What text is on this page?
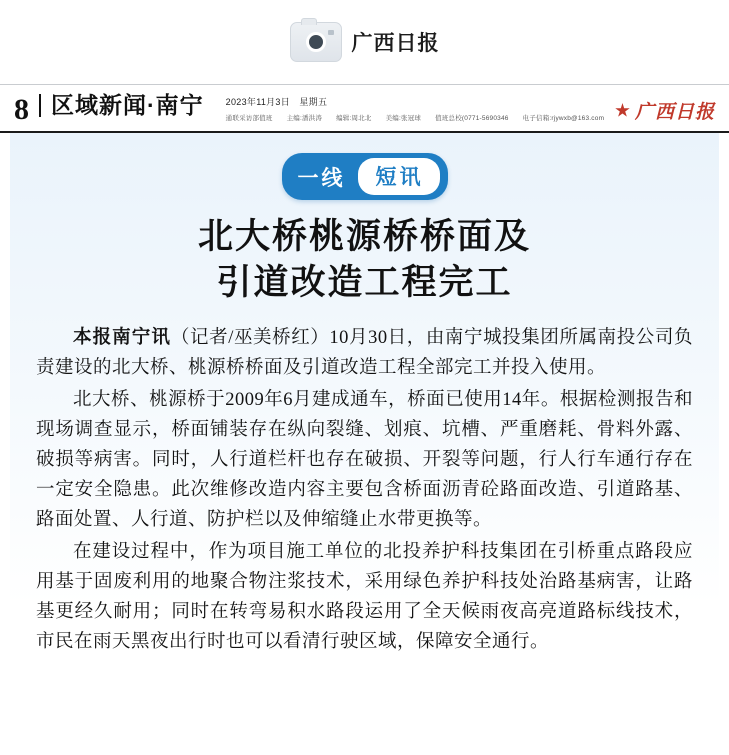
广西日报
8 区域新闻·南宁 2023年11月3日　星期五
通联采访部值班 主编:潘洪涛 编辑:周北北 美编:张冠球 值班总校(0771-5690346 电子信箱:rjywxb@163.com 广西日报
一线	短讯
北大桥桃源桥桥面及
引道改造工程完工

本报南宁讯（记者/巫美桥红）10月30日，由南宁城投集团所属南投公司负责建设的北大桥、桃源桥桥面及引道改造工程全部完工并投入使用。

北大桥、桃源桥于2009年6月建成通车，桥面已使用14年。根据检测报告和现场调查显示，桥面铺装存在纵向裂缝、划痕、坑槽、严重磨耗、骨料外露、破损等病害。同时，人行道栏杆也存在破损、开裂等问题，行人行车通行存在一定安全隐患。此次维修改造内容主要包含桥面沥青砼路面改造、引道路基、路面处置、人行道、防护栏以及伸缩缝止水带更换等。

在建设过程中，作为项目施工单位的北投养护科技集团在引桥重点路段应用基于固废利用的地聚合物注浆技术，采用绿色养护科技处治路基病害，让路基更经久耐用；同时在转弯易积水路段运用了全天候雨夜高亮道路标线技术，市民在雨天黑夜出行时也可以看清行驶区域，保障安全通行。
